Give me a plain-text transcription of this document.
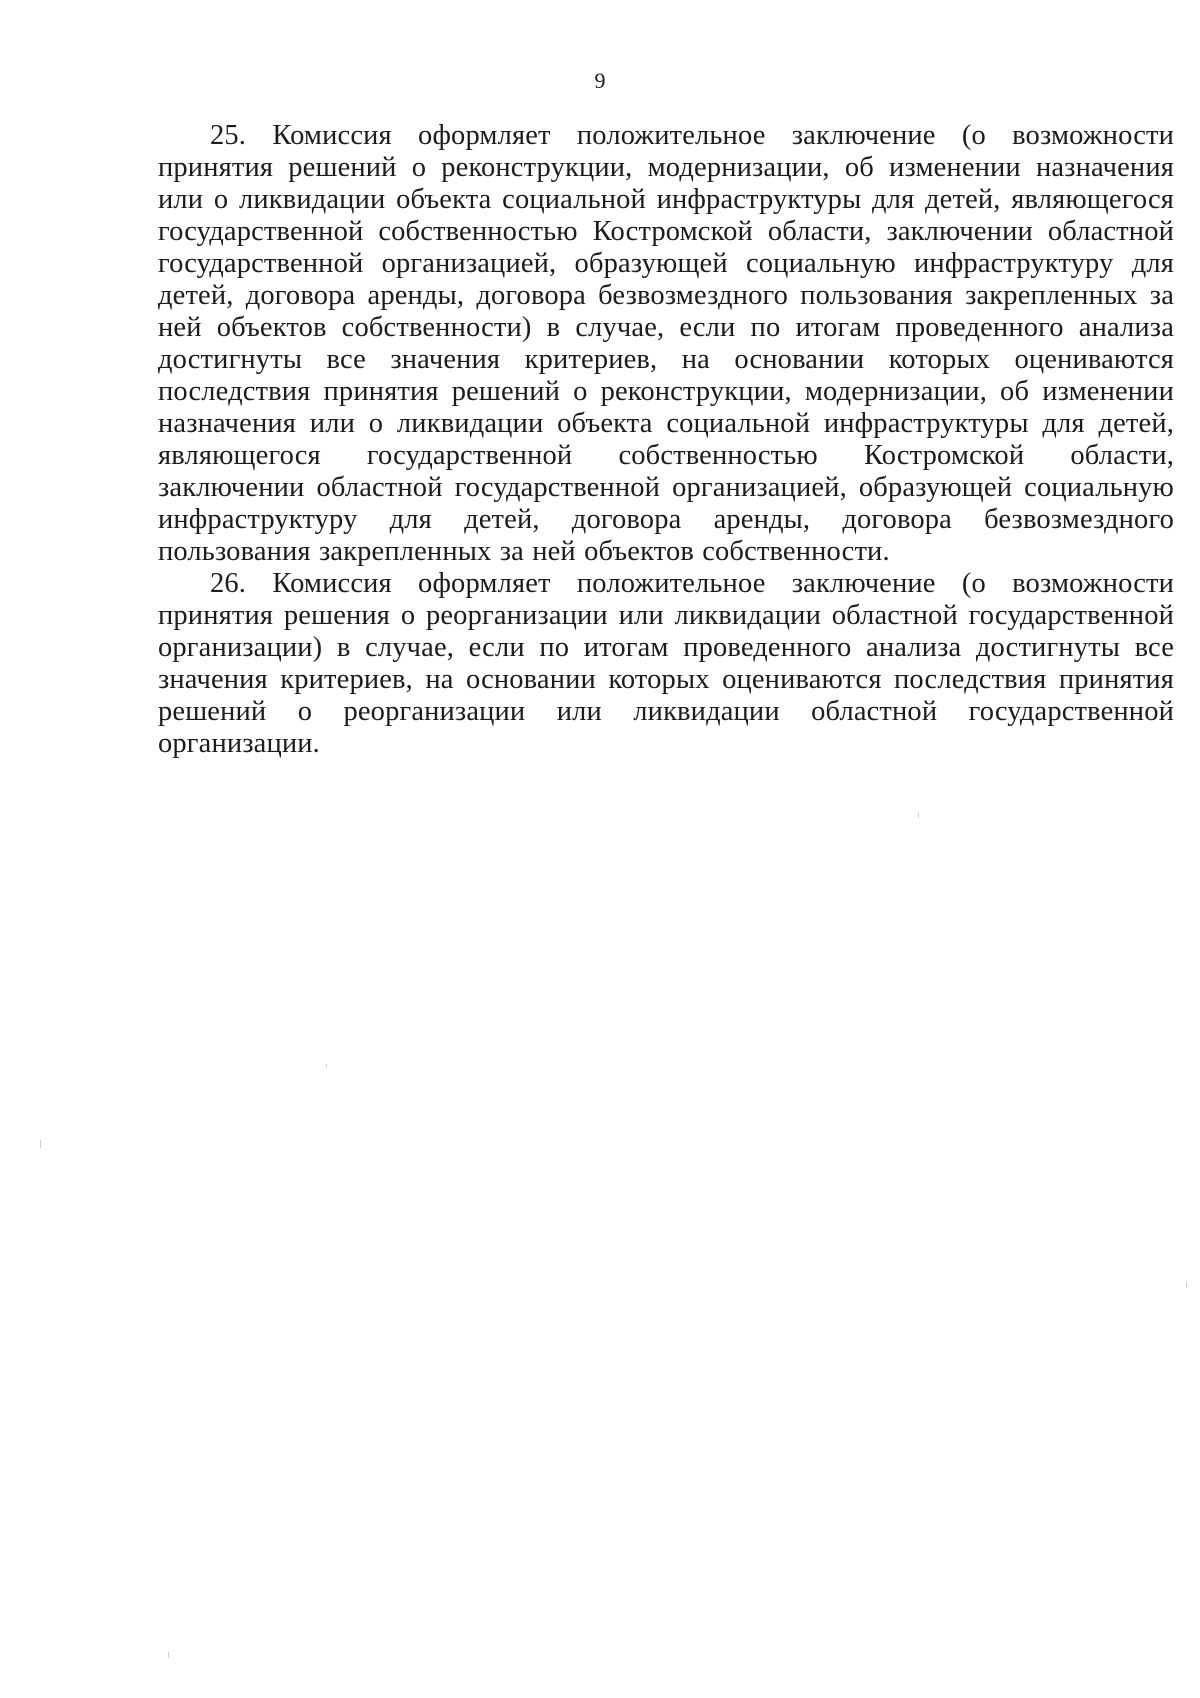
9

25. Комиссия оформляет положительное заключение (о возможности принятия решений о реконструкции, модернизации, об изменении назначения или о ликвидации объекта социальной инфраструктуры для детей, являющегося государственной собственностью Костромской области, заключении областной государственной организацией, образующей социальную инфраструктуру для детей, договора аренды, договора безвозмездного пользования закрепленных за ней объектов собственности) в случае, если по итогам проведенного анализа достигнуты все значения критериев, на основании которых оцениваются последствия принятия решений о реконструкции, модернизации, об изменении назначения или о ликвидации объекта социальной инфраструктуры для детей, являющегося государственной собственностью Костромской области, заключении областной государственной организацией, образующей социальную инфраструктуру для детей, договора аренды, договора безвозмездного пользования закрепленных за ней объектов собственности.

26. Комиссия оформляет положительное заключение (о возможности принятия решения о реорганизации или ликвидации областной государственной организации) в случае, если по итогам проведенного анализа достигнуты все значения критериев, на основании которых оцениваются последствия принятия решений о реорганизации или ликвидации областной государственной организации.
